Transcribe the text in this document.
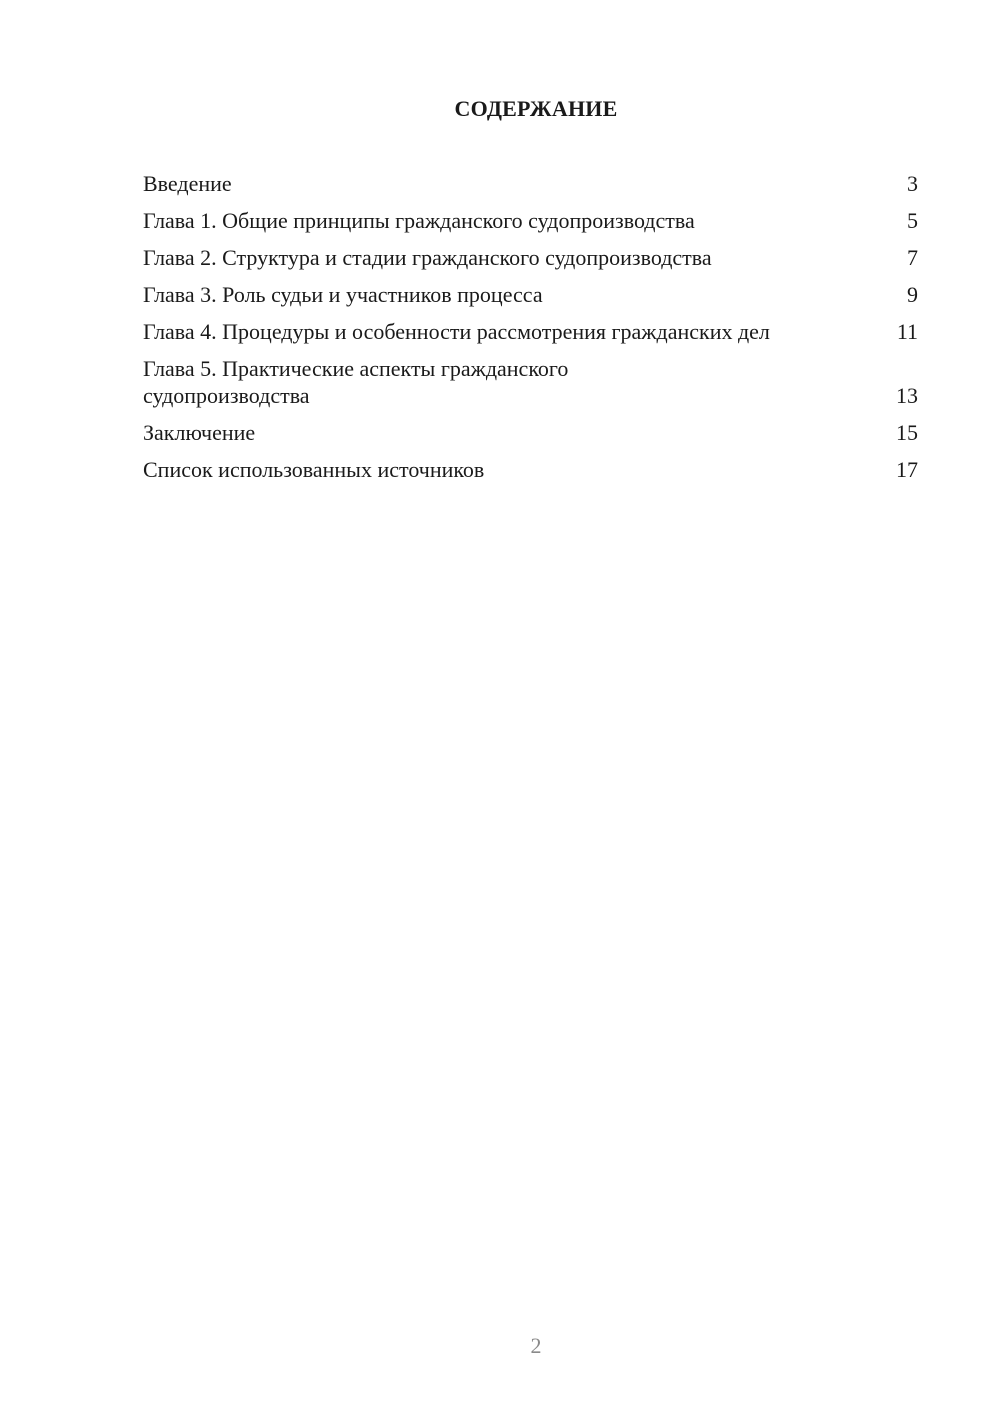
СОДЕРЖАНИЕ
Введение	3
Глава 1. Общие принципы гражданского судопроизводства	5
Глава 2. Структура и стадии гражданского судопроизводства	7
Глава 3. Роль судьи и участников процесса	9
Глава 4. Процедуры и особенности рассмотрения гражданских дел	11
Глава 5. Практические аспекты гражданского судопроизводства	13
Заключение	15
Список использованных источников	17
2
